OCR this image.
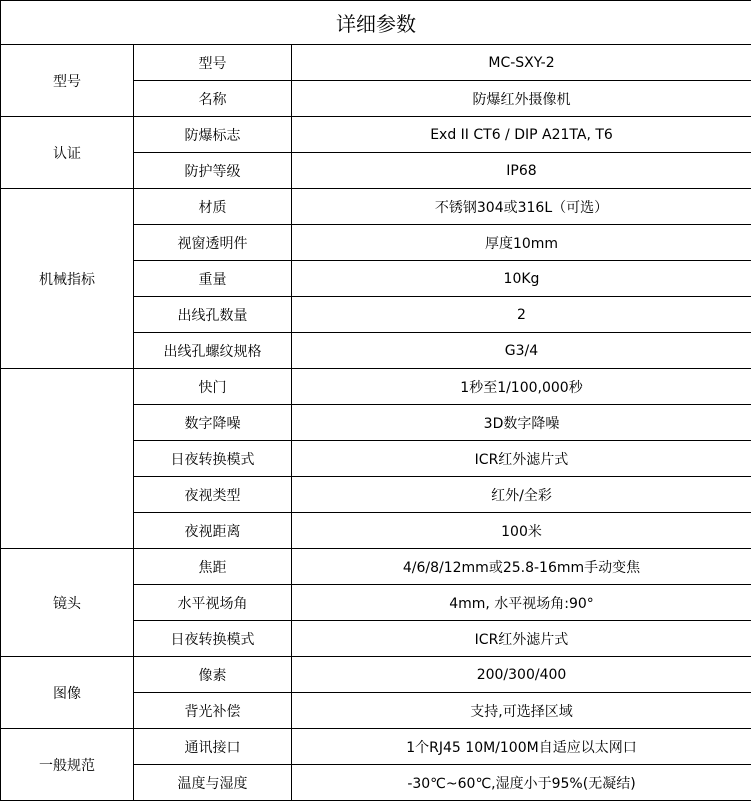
详细参数		
型号	型号	MC-SXY-2
	名称	防爆红外摄像机
认证	防爆标志	Exd II CT6 / DIP A21TA, T6
	防护等级	IP68
机械指标	材质	不锈钢304或316L（可选）
	视窗透明件	厚度10mm
	重量	10Kg
	出线孔数量	2
	出线孔螺纹规格	G3/4
	快门	1秒至1/100,000秒
	数字降噪	3D数字降噪
	日夜转换模式	ICR红外滤片式
	夜视类型	红外/全彩
	夜视距离	100米
镜头	焦距	4/6/8/12mm或25.8-16mm手动变焦
	水平视场角	4mm, 水平视场角:90°
	日夜转换模式	ICR红外滤片式
图像	像素	200/300/400
	背光补偿	支持,可选择区域
一般规范	通讯接口	1个RJ45 10M/100M自适应以太网口
	温度与湿度	-30℃~60℃,湿度小于95%(无凝结)
